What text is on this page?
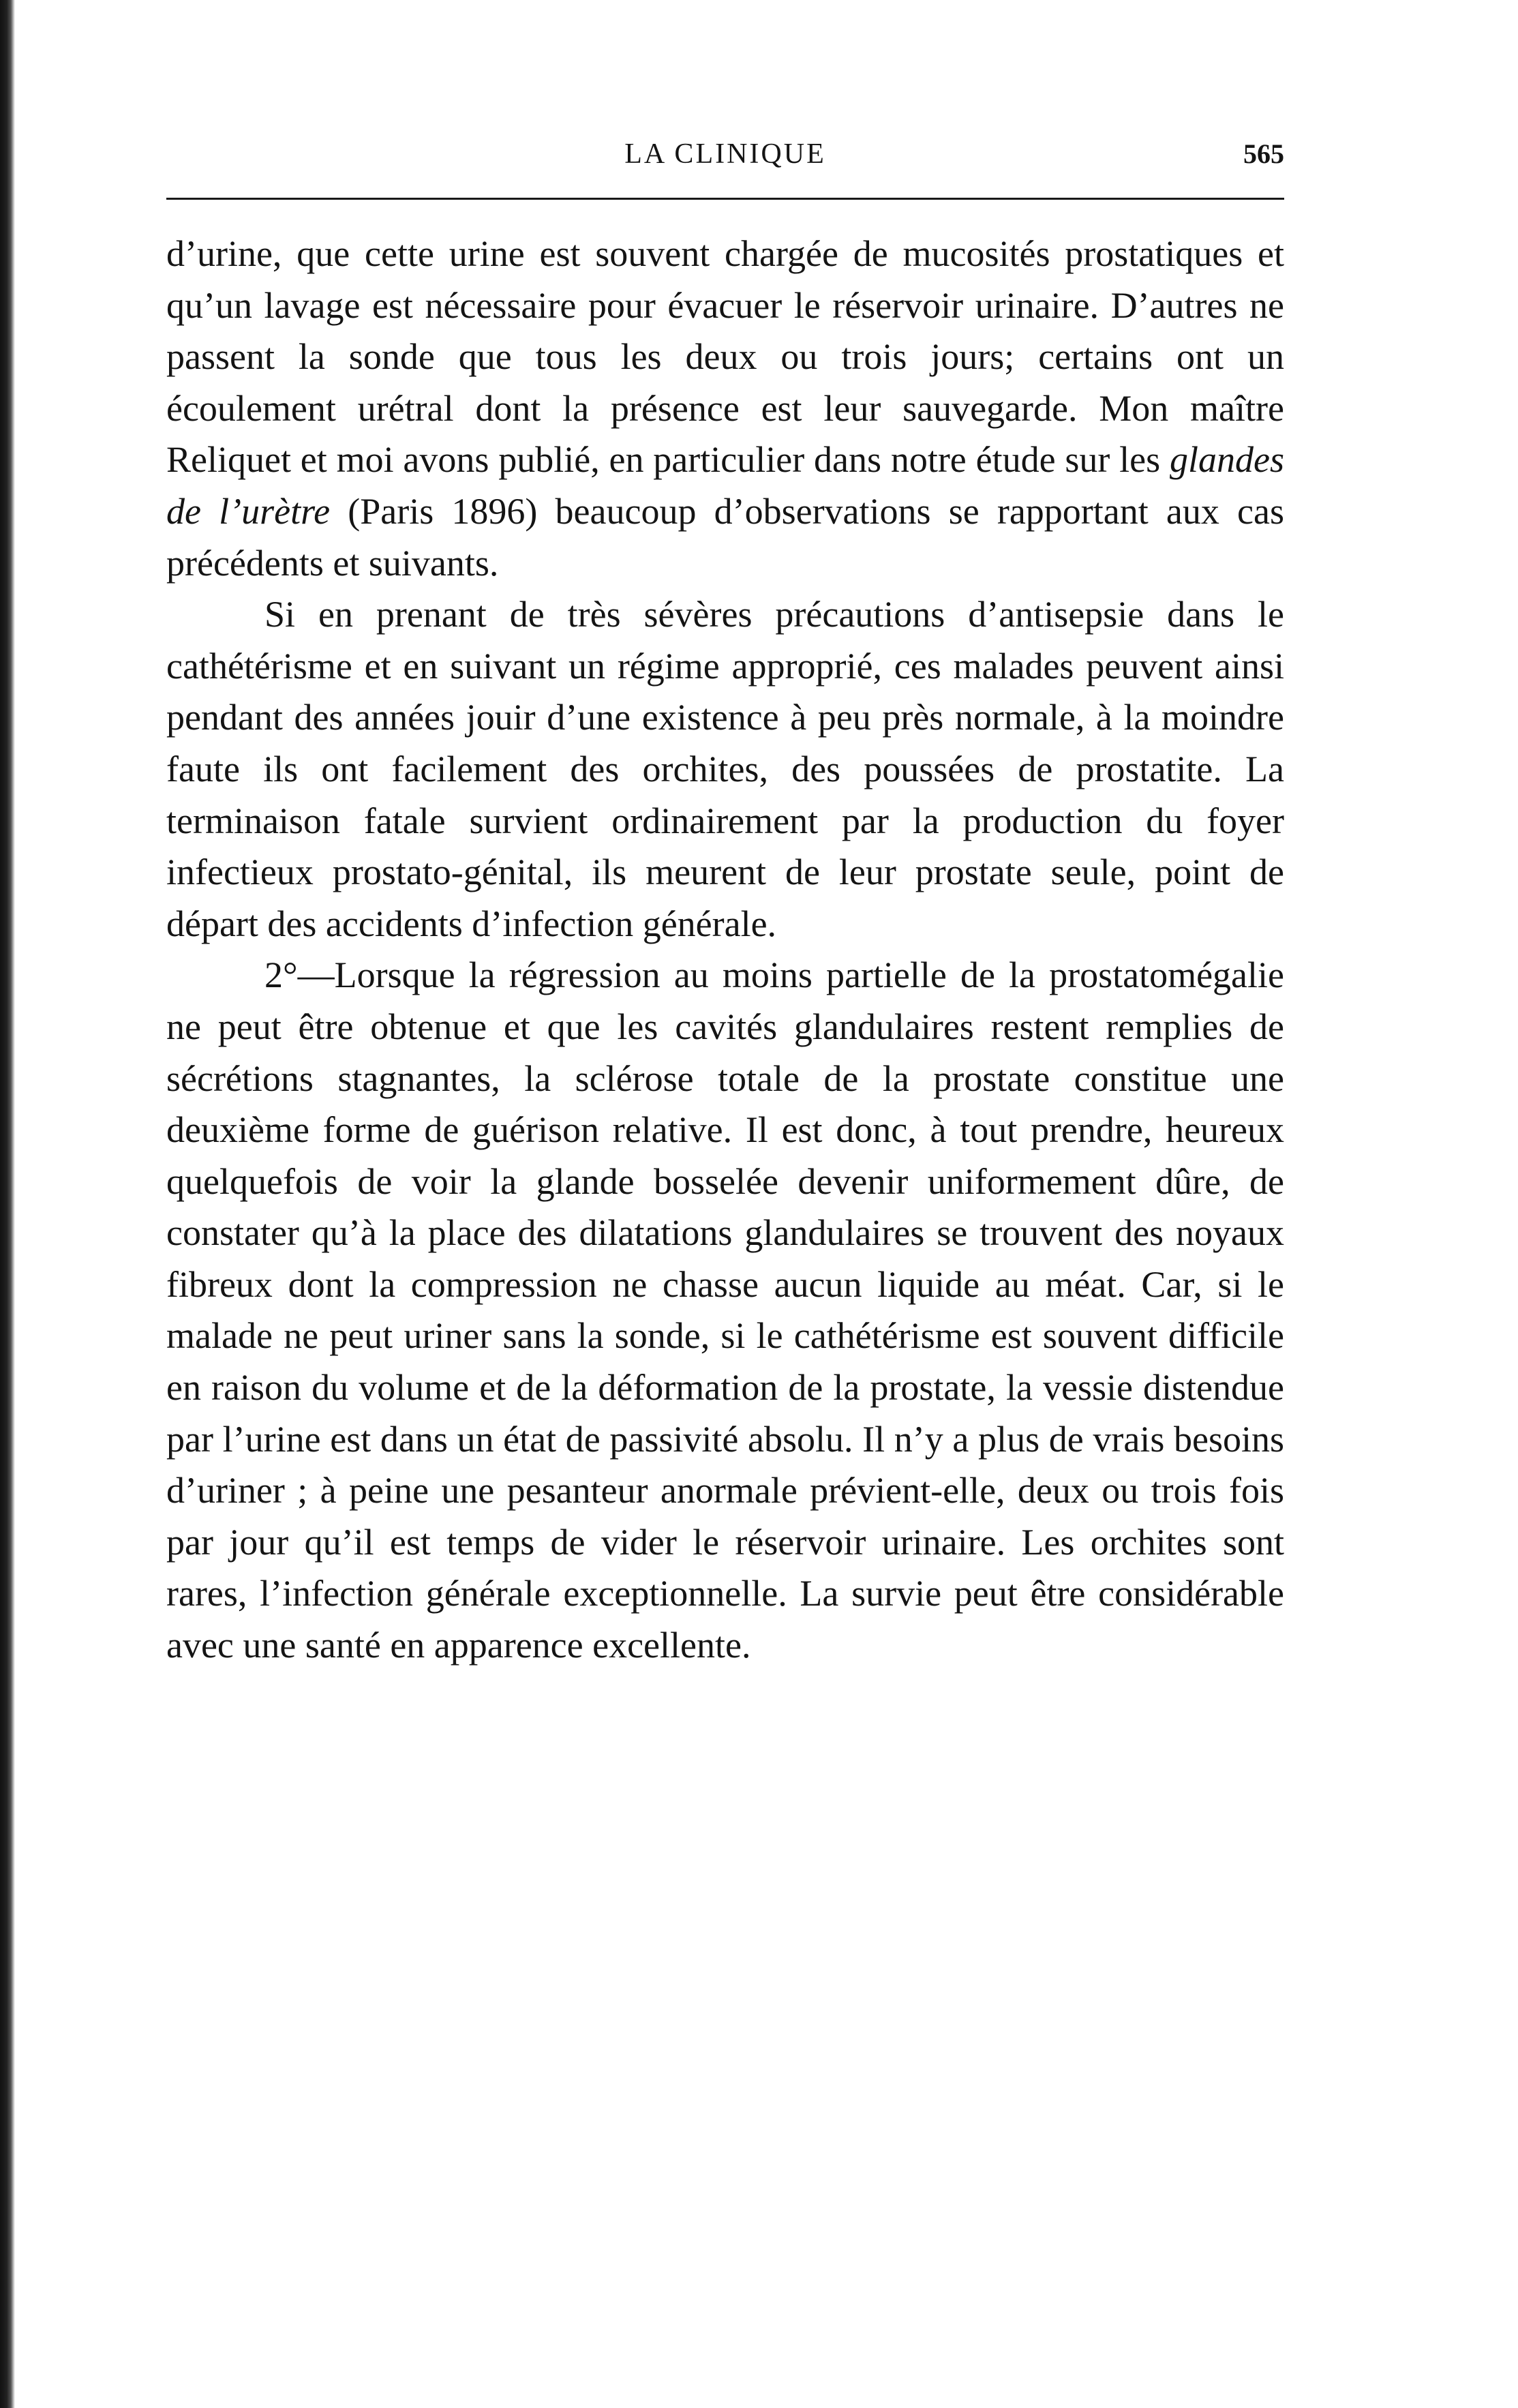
LA CLINIQUE	565

d’urine, que cette urine est souvent chargée de mucosités prostatiques et qu’un lavage est nécessaire pour évacuer le réservoir urinaire. D’autres ne passent la sonde que tous les deux ou trois jours; certains ont un écoulement urétral dont la présence est leur sauvegarde. Mon maître Reliquet et moi avons publié, en particulier dans notre étude sur les glandes de l’urètre (Paris 1896) beaucoup d’observations se rapportant aux cas précédents et suivants.

Si en prenant de très sévères précautions d’antisepsie dans le cathétérisme et en suivant un régime approprié, ces malades peuvent ainsi pendant des années jouir d’une existence à peu près normale, à la moindre faute ils ont facilement des orchites, des poussées de prostatite. La terminaison fatale survient ordinairement par la production du foyer infectieux prostato-génital, ils meurent de leur prostate seule, point de départ des accidents d’infection générale.

2°—Lorsque la régression au moins partielle de la prostatomégalie ne peut être obtenue et que les cavités glandulaires restent remplies de sécrétions stagnantes, la sclérose totale de la prostate constitue une deuxième forme de guérison relative. Il est donc, à tout prendre, heureux quelquefois de voir la glande bosselée devenir uniformement dûre, de constater qu’à la place des dilatations glandulaires se trouvent des noyaux fibreux dont la compression ne chasse aucun liquide au méat. Car, si le malade ne peut uriner sans la sonde, si le cathétérisme est souvent difficile en raison du volume et de la déformation de la prostate, la vessie distendue par l’urine est dans un état de passivité absolu. Il n’y a plus de vrais besoins d’uriner ; à peine une pesanteur anormale prévient-elle, deux ou trois fois par jour qu’il est temps de vider le réservoir urinaire. Les orchites sont rares, l’infection générale exceptionnelle. La survie peut être considérable avec une santé en apparence excellente.
